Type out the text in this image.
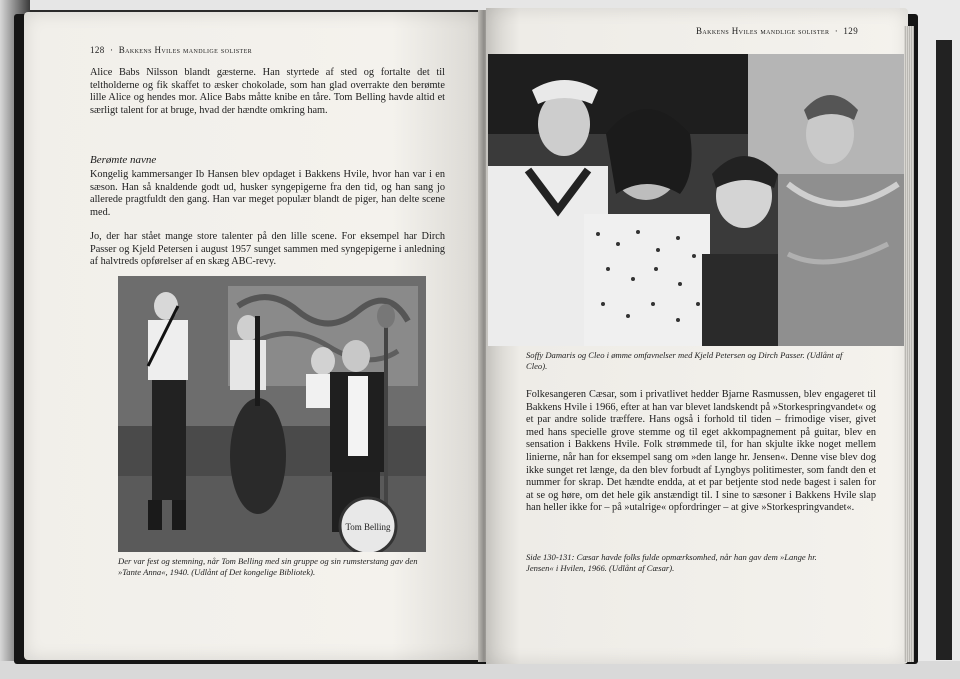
128  ·  Bakkens Hviles mandlige solister
Alice Babs Nilsson blandt gæsterne. Han styrtede af sted og fortalte det til teltholderne og fik skaffet to æsker chokolade, som han glad overrakte den berømte lille Alice og hendes mor. Alice Babs måtte knibe en tåre. Tom Belling havde altid et særligt talent for at bruge, hvad der hændte omkring ham.
Berømte navne
Kongelig kammersanger Ib Hansen blev opdaget i Bakkens Hvile, hvor han var i en sæson. Han så knaldende godt ud, husker syngepigerne fra den tid, og han sang jo allerede pragtfuldt den gang. Han var meget populær blandt de piger, han delte scene med.
Jo, der har stået mange store talenter på den lille scene. For eksempel har Dirch Passer og Kjeld Petersen i august 1957 sunget sammen med syngepigerne i anledning af halvtreds opførelser af en skæg ABC-revy.
Tom Belling
Der var fest og stemning, når Tom Belling med sin gruppe og sin rumsterstang gav den »Tante Anna«, 1940. (Udlånt af Det kongelige Bibliotek).
Bakkens Hviles mandlige solister  ·  129
Soffy Damaris og Cleo i ømme omfavnelser med Kjeld Petersen og Dirch Passer. (Udlånt af Cleo).
Folkesangeren Cæsar, som i privatlivet hedder Bjarne Rasmussen, blev engageret til Bakkens Hvile i 1966, efter at han var blevet landskendt på »Storkespringvandet« og et par andre solide træffere. Hans også i forhold til tiden – frimodige viser, givet med hans specielle grove stemme og til eget akkompagnement på guitar, blev en sensation i Bakkens Hvile. Folk strømmede til, for han skjulte ikke noget mellem linierne, når han for eksempel sang om »den lange hr. Jensen«. Denne vise blev dog ikke sunget ret længe, da den blev forbudt af Lyngbys politimester, som fandt den et nummer for skrap. Det hændte endda, at et par betjente stod nede bagest i salen for at se og høre, om det hele gik anstændigt til. I sine to sæsoner i Bakkens Hvile slap han heller ikke for – på »utalrige« opfordringer – at give »Storkespringvandet«.
Side 130-131: Cæsar havde folks fulde opmærksomhed, når han gav dem »Lange hr. Jensen« i Hvilen, 1966. (Udlånt af Cæsar).
